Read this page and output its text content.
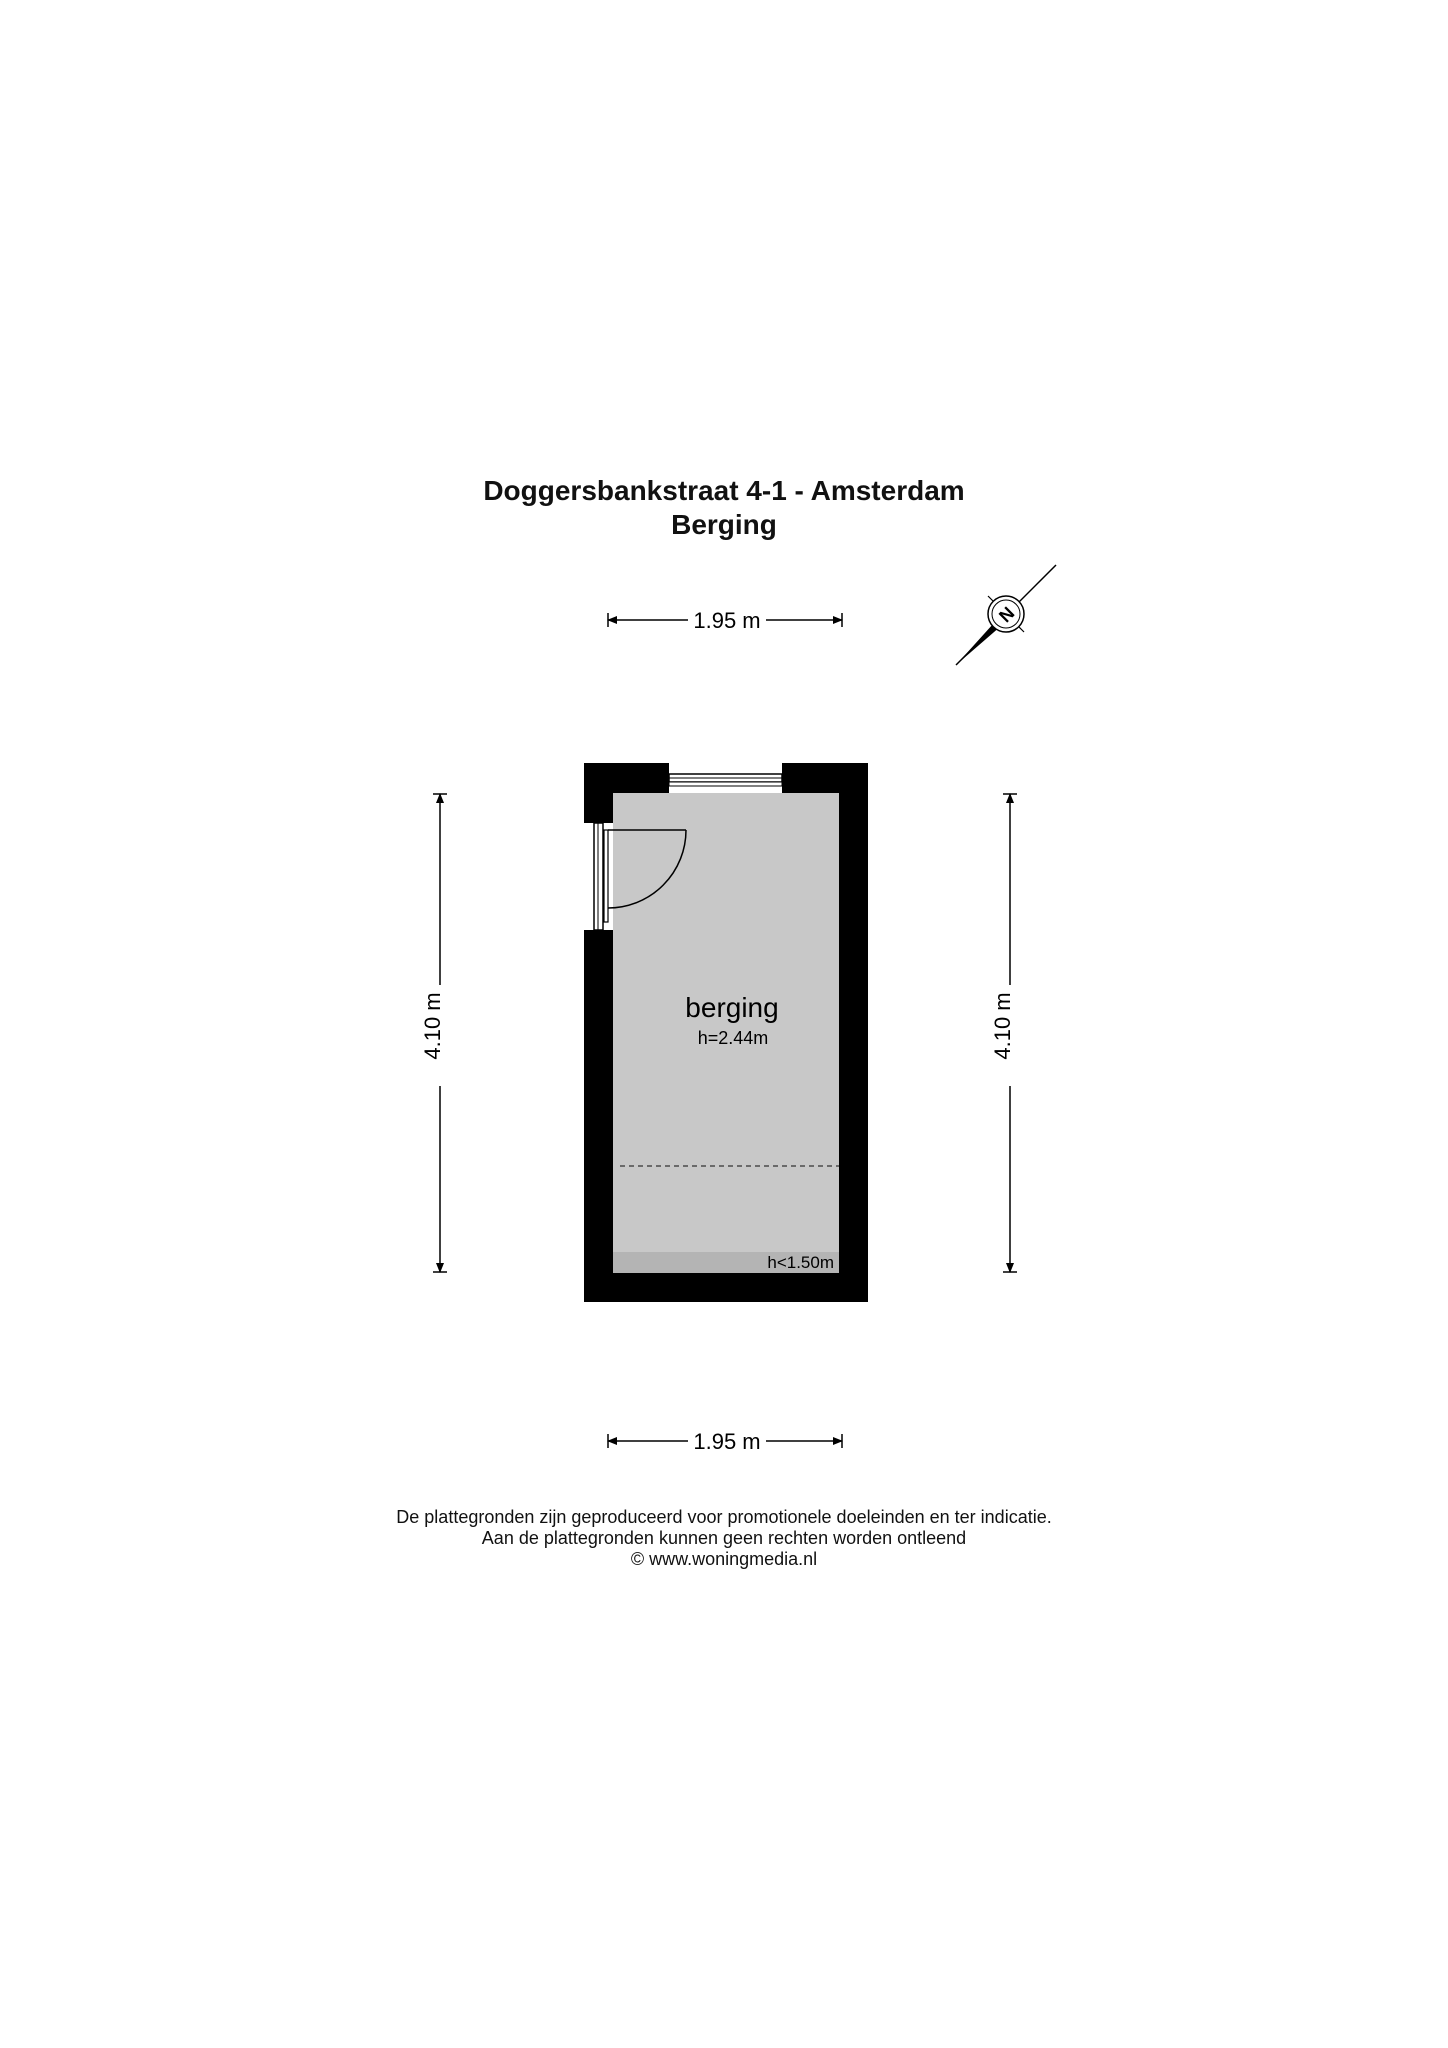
Doggersbankstraat 4-1 - Amsterdam
Berging
1.95 m
1.95 m
4.10 m	4.10 m
N
berging
h=2.44m
h<1.50m
De plattegronden zijn geproduceerd voor promotionele doeleinden en ter indicatie.
Aan de plattegronden kunnen geen rechten worden ontleend
© www.woningmedia.nl
